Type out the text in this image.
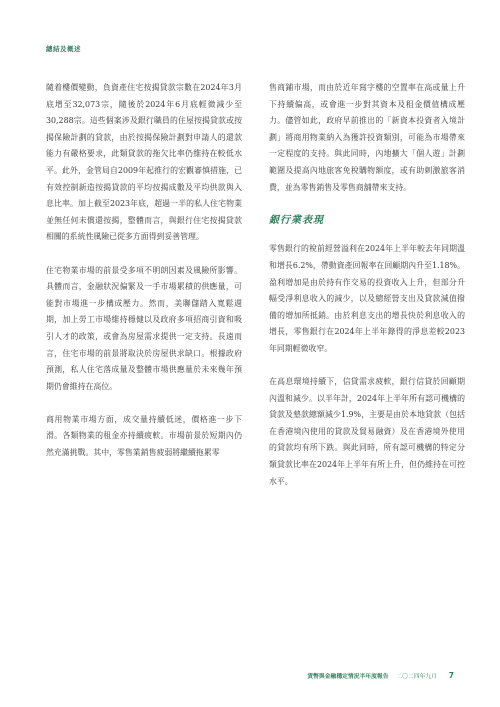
總結及概述

隨着樓價變動，負資產住宅按揭貸款宗數在2024年3月底增至32,073宗，隨後於2024年6月底輕微減少至30,288宗。這些個案涉及銀行職員的住屋按揭貸款或按揭保險計劃的貸款，由於按揭保險計劃對申請人的還款能力有嚴格要求，此類貸款的拖欠比率仍維持在較低水平。此外，金管局自2009年起推行的宏觀審慎措施，已有效控制新造按揭貸款的平均按揭成數及平均供款與入息比率。加上截至2023年底，超過一半的私人住宅物業並無任何未償還按揭，整體而言，與銀行住宅按揭貸款相關的系統性風險已從多方面得到妥善管理。

住宅物業市場的前景受多項不明朗因素及風險所影響。具體而言，金融狀況偏緊及一手市場累積的供應量，可能對市場進一步構成壓力。然而，美聯儲踏入寬鬆週期，加上勞工市場維持穩健以及政府多項招商引資和吸引人才的政策，或會為房屋需求提供一定支持。長遠而言，住宅市場的前景將取決於房屋供求缺口。根據政府預測，私人住宅落成量及整體市場供應量於未來幾年預期仍會維持在高位。

商用物業市場方面，成交量持續低迷，價格進一步下滑。各類物業的租金亦持續疲軟。市場前景於短期內仍然充滿挑戰。其中，零售業銷售疲弱將繼續拖累零

售商鋪市場，而由於近年寫字樓的空置率在高或量上升下持續偏高，或會進一步對其資本及租金價值構成壓力。儘管如此，政府早前推出的「新資本投資者入境計劃」將商用物業納入為獲許投資類別，可能為市場帶來一定程度的支持。與此同時，內地擴大「個人遊」計劃範圍及提高內地旅客免稅購物額度，或有助刺激旅客消費，並為零售銷售及零售商舖帶來支持。

銀行業表現

零售銀行的稅前經營溢利在2024年上半年較去年同期溫和增長6.2%，帶動資產回報率在回顧期內升至1.18%。盈利增加是由於持有作交易的投資收入上升，但部分升幅受淨利息收入的減少，以及總經營支出及貸款減值撥備的增加所抵銷。由於利息支出的增長快於利息收入的增長，零售銀行在2024年上半年錄得的淨息差較2023年同期輕微收窄。

在高息環境持續下，信貸需求疲軟，銀行信貸於回顧期內溫和減少。以半年計，2024年上半年所有認可機構的貸款及墊款總額減少1.9%，主要是由於本地貸款（包括在香港境內使用的貸款及貿易融資）及在香港境外使用的貸款均有所下跌。與此同時，所有認可機構的特定分類貸款比率在2024年上半年有所上升，但仍維持在可控水平。

貨幣與金融穩定情況半年度報告 二〇二四年九月 7
